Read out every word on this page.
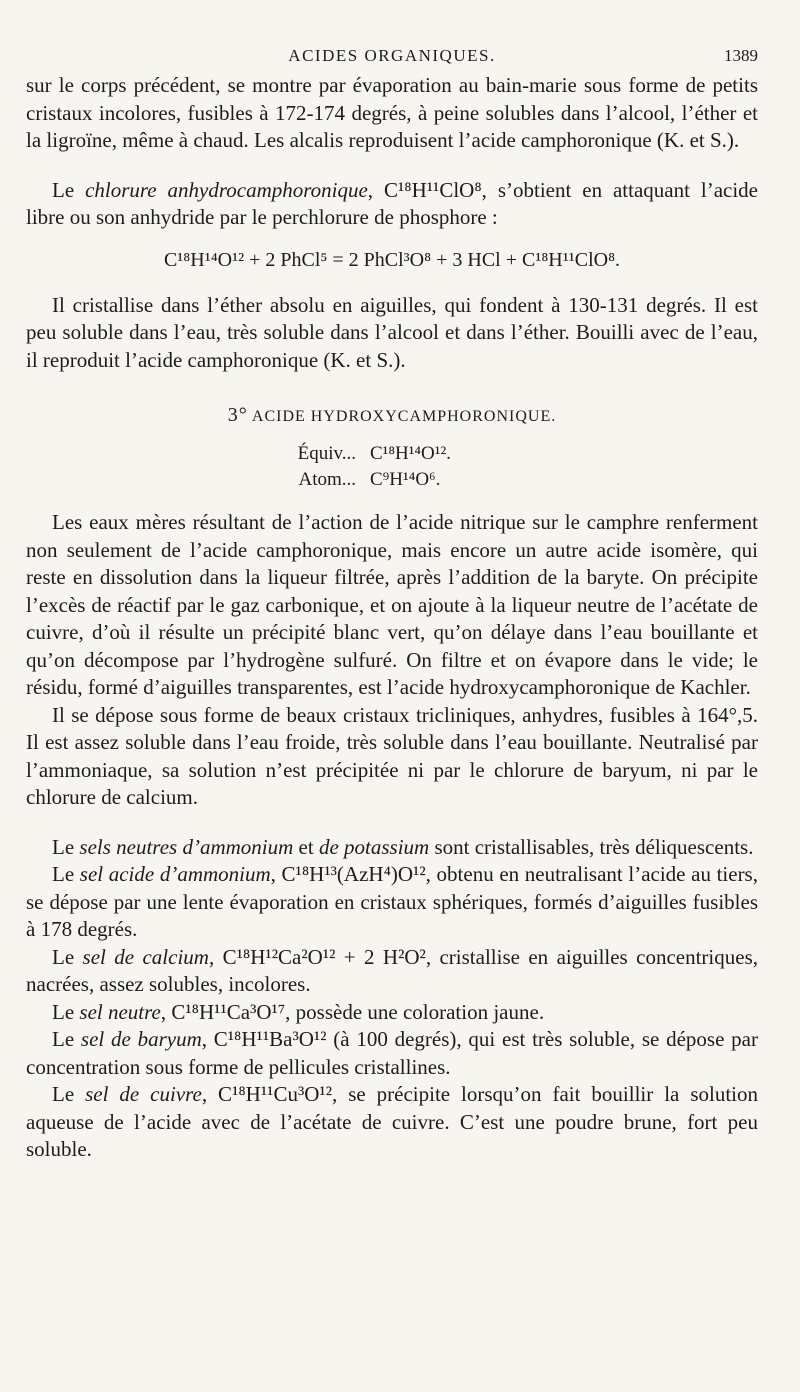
ACIDES ORGANIQUES.	1389

sur le corps précédent, se montre par évaporation au bain-marie sous forme de petits cristaux incolores, fusibles à 172-174 degrés, à peine solubles dans l’alcool, l’éther et la ligroïne, même à chaud. Les alcalis reproduisent l’acide camphoronique (K. et S.).

Le chlorure anhydrocamphoronique, C¹⁸H¹¹ClO⁸, s’obtient en attaquant l’acide libre ou son anhydride par le perchlorure de phosphore :

C¹⁸H¹⁴O¹² + 2 PhCl⁵ = 2 PhCl³O⁸ + 3 HCl + C¹⁸H¹¹ClO⁸.

Il cristallise dans l’éther absolu en aiguilles, qui fondent à 130-131 degrés. Il est peu soluble dans l’eau, très soluble dans l’alcool et dans l’éther. Bouilli avec de l’eau, il reproduit l’acide camphoronique (K. et S.).

3° ACIDE HYDROXYCAMPHORONIQUE.
Équiv... C¹⁸H¹⁴O¹².
Atom... C⁹H¹⁴O⁶.

Les eaux mères résultant de l’action de l’acide nitrique sur le camphre renferment non seulement de l’acide camphoronique, mais encore un autre acide isomère, qui reste en dissolution dans la liqueur filtrée, après l’addition de la baryte. On précipite l’excès de réactif par le gaz carbonique, et on ajoute à la liqueur neutre de l’acétate de cuivre, d’où il résulte un précipité blanc vert, qu’on délaye dans l’eau bouillante et qu’on décompose par l’hydrogène sulfuré. On filtre et on évapore dans le vide; le résidu, formé d’aiguilles transparentes, est l’acide hydroxycamphoronique de Kachler.

Il se dépose sous forme de beaux cristaux tricliniques, anhydres, fusibles à 164°,5. Il est assez soluble dans l’eau froide, très soluble dans l’eau bouillante. Neutralisé par l’ammoniaque, sa solution n’est précipitée ni par le chlorure de baryum, ni par le chlorure de calcium.

Le sels neutres d’ammonium et de potassium sont cristallisables, très déliquescents.

Le sel acide d’ammonium, C¹⁸H¹³(AzH⁴)O¹², obtenu en neutralisant l’acide au tiers, se dépose par une lente évaporation en cristaux sphériques, formés d’aiguilles fusibles à 178 degrés.

Le sel de calcium, C¹⁸H¹²Ca²O¹² + 2 H²O², cristallise en aiguilles concentriques, nacrées, assez solubles, incolores.

Le sel neutre, C¹⁸H¹¹Ca³O¹⁷, possède une coloration jaune.

Le sel de baryum, C¹⁸H¹¹Ba³O¹² (à 100 degrés), qui est très soluble, se dépose par concentration sous forme de pellicules cristallines.

Le sel de cuivre, C¹⁸H¹¹Cu³O¹², se précipite lorsqu’on fait bouillir la solution aqueuse de l’acide avec de l’acétate de cuivre. C’est une poudre brune, fort peu soluble.
